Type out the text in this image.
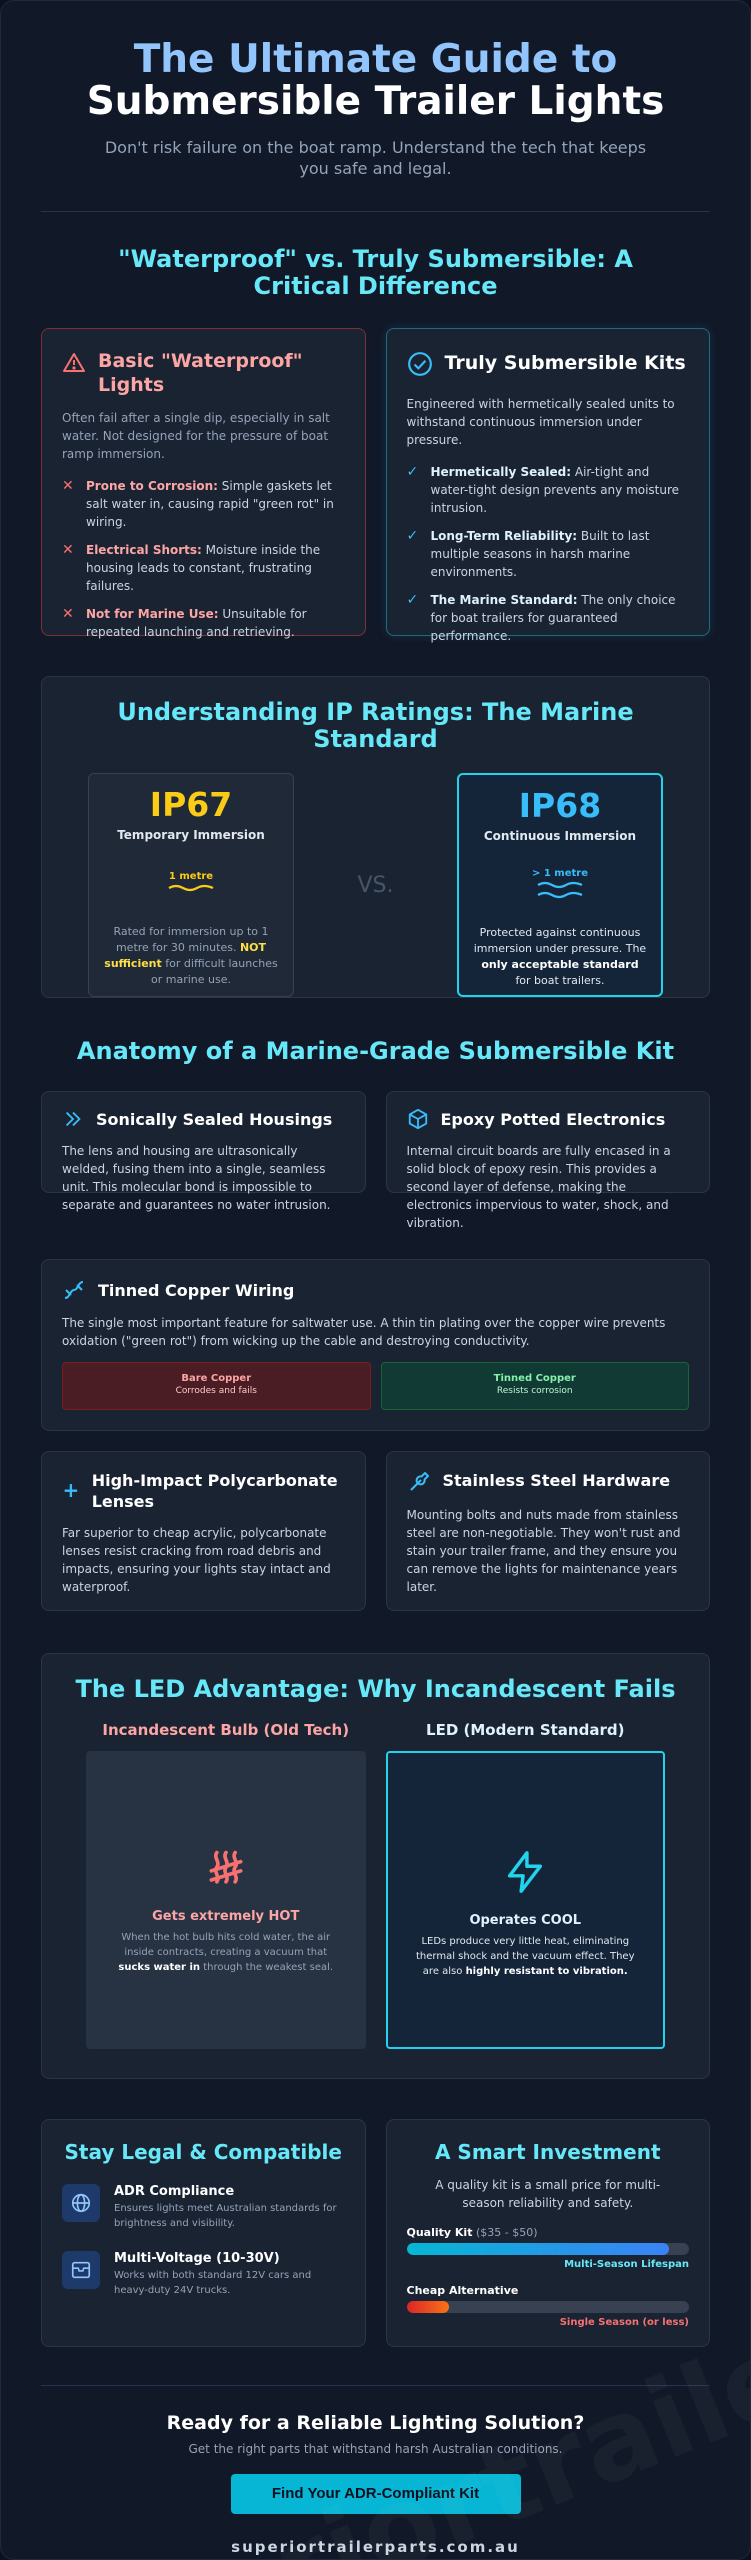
The Ultimate Guide to
Submersible Trailer Lights

Don't risk failure on the boat ramp. Understand the tech that keeps you safe and legal.

"Waterproof" vs. Truly Submersible: A Critical Difference
Basic "Waterproof" Lights

Often fail after a single dip, especially in salt water. Not designed for the pressure of boat ramp immersion.

✕ Prone to Corrosion: Simple gaskets let salt water in, causing rapid "green rot" in wiring.
✕ Electrical Shorts: Moisture inside the housing leads to constant, frustrating failures.
✕ Not for Marine Use: Unsuitable for repeated launching and retrieving.
Truly Submersible Kits

Engineered with hermetically sealed units to withstand continuous immersion under pressure.

✓ Hermetically Sealed: Air-tight and water-tight design prevents any moisture intrusion.
✓ Long-Term Reliability: Built to last multiple seasons in harsh marine environments.
✓ The Marine Standard: The only choice for boat trailers for guaranteed performance.
Understanding IP Ratings: The Marine Standard
IP67
Temporary Immersion
1 metre

Rated for immersion up to 1 metre for 30 minutes. NOT sufficient for difficult launches or marine use.

VS.
IP68
Continuous Immersion
> 1 metre

Protected against continuous immersion under pressure. The only acceptable standard for boat trailers.

Anatomy of a Marine-Grade Submersible Kit
Sonically Sealed Housings

The lens and housing are ultrasonically welded, fusing them into a single, seamless unit. This molecular bond is impossible to separate and guarantees no water intrusion.

Epoxy Potted Electronics

Internal circuit boards are fully encased in a solid block of epoxy resin. This provides a second layer of defense, making the electronics impervious to water, shock, and vibration.

Tinned Copper Wiring

The single most important feature for saltwater use. A thin tin plating over the copper wire prevents oxidation ("green rot") from wicking up the cable and destroying conductivity.

Bare Copper
Corrodes and fails
Tinned Copper
Resists corrosion
+ High-Impact Polycarbonate Lenses

Far superior to cheap acrylic, polycarbonate lenses resist cracking from road debris and impacts, ensuring your lights stay intact and waterproof.

Stainless Steel Hardware

Mounting bolts and nuts made from stainless steel are non-negotiable. They won't rust and stain your trailer frame, and they ensure you can remove the lights for maintenance years later.

The LED Advantage: Why Incandescent Fails
Incandescent Bulb (Old Tech)
Gets extremely HOT

When the hot bulb hits cold water, the air inside contracts, creating a vacuum that sucks water in through the weakest seal.

LED (Modern Standard)
Operates COOL

LEDs produce very little heat, eliminating thermal shock and the vacuum effect. They are also highly resistant to vibration.

Stay Legal & Compatible
ADR Compliance
Ensures lights meet Australian standards for brightness and visibility.
Multi-Voltage (10-30V)
Works with both standard 12V cars and heavy-duty 24V trucks.
A Smart Investment

A quality kit is a small price for multi-season reliability and safety.

Quality Kit ($35 - $50)
Multi-Season Lifespan
Cheap Alternative
Single Season (or less)
Ready for a Reliable Lighting Solution?

Get the right parts that withstand harsh Australian conditions.

Find Your ADR-Compliant Kit
superiortrailerparts.com.au
